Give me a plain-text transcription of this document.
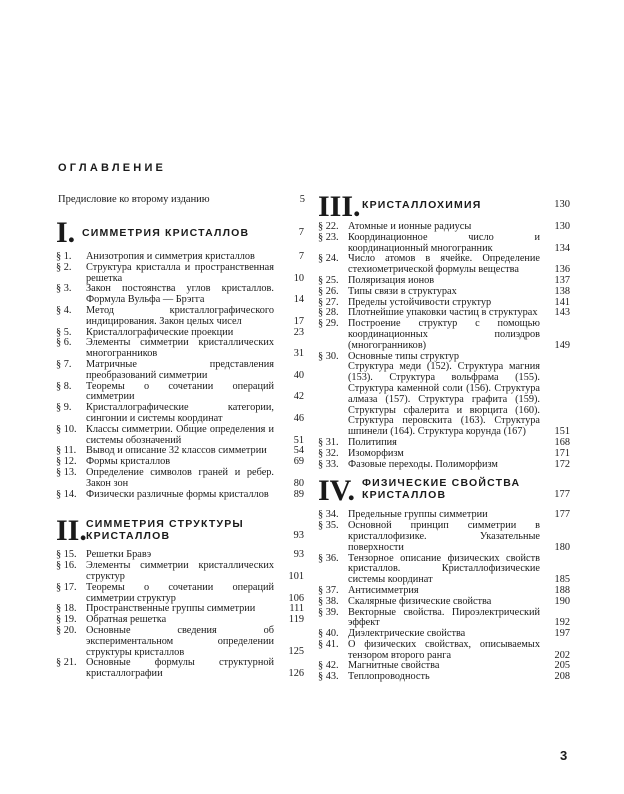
ОГЛАВЛЕНИЕ
Предисловие ко второму изданию	5
I. СИММЕТРИЯ КРИСТАЛЛОВ	7
§ 1. Анизотропия и симметрия кристаллов	7
§ 2. Структура кристалла и пространственная решетка	10
§ 3. Закон постоянства углов кристаллов. Формула Вульфа — Брэгга	14
§ 4. Метод кристаллографического индицирования. Закон целых чисел	17
§ 5. Кристаллографические проекции	23
§ 6. Элементы симметрии кристаллических многогранников	31
§ 7. Матричные представления преобразований симметрии	40
§ 8. Теоремы о сочетании операций симметрии	42
§ 9. Кристаллографические категории, сингонии и системы координат	46
§ 10. Классы симметрии. Общие определения и системы обозначений	51
§ 11. Вывод и описание 32 классов симметрии	54
§ 12. Формы кристаллов	69
§ 13. Определение символов граней и ребер. Закон зон	80
§ 14. Физически различные формы кристаллов	89
II. СИММЕТРИЯ СТРУКТУРЫ
КРИСТАЛЛОВ	93
§ 15. Решетки Бравэ	93
§ 16. Элементы симметрии кристаллических структур	101
§ 17. Теоремы о сочетании операций симметрии структур	106
§ 18. Пространственные группы симметрии	111
§ 19. Обратная решетка	119
§ 20. Основные сведения об экспериментальном определении структуры кристаллов	125
§ 21. Основные формулы структурной кристаллографии	126
III. КРИСТАЛЛОХИМИЯ	130
§ 22. Атомные и ионные радиусы	130
§ 23. Координационное число и координационный многогранник	134
§ 24. Число атомов в ячейке. Определение стехиометрической формулы вещества	136
§ 25. Поляризация ионов	137
§ 26. Типы связи в структурах	138
§ 27. Пределы устойчивости структур	141
§ 28. Плотнейшие упаковки частиц в структурах 143
§ 29. Построение структур с помощью координационных полиэдров (многогранников)	149
§ 30. Основные типы структур
Структура меди (152). Структура магния (153). Структура вольфрама (155). Структура каменной соли (156). Структура алмаза (157). Структура графита (159). Структуры сфалерита и вюрцита (160). Структура перовскита (163). Структура шпинели (164). Структура корунда (167)	151
§ 31. Политипия	168
§ 32. Изоморфизм	171
§ 33. Фазовые переходы. Полиморфизм	172
IV. ФИЗИЧЕСКИЕ СВОЙСТВА
КРИСТАЛЛОВ	177
§ 34. Предельные группы симметрии	177
§ 35. Основной принцип симметрии в кристаллофизике. Указательные поверхности	180
§ 36. Тензорное описание физических свойств кристаллов. Кристаллофизические системы координат	185
§ 37. Антисимметрия	188
§ 38. Скалярные физические свойства	190
§ 39. Векторные свойства. Пироэлектрический эффект	192
§ 40. Диэлектрические свойства	197
§ 41. О физических свойствах, описываемых тензором второго ранга	202
§ 42. Магнитные свойства	205
§ 43. Теплопроводность	208
3
